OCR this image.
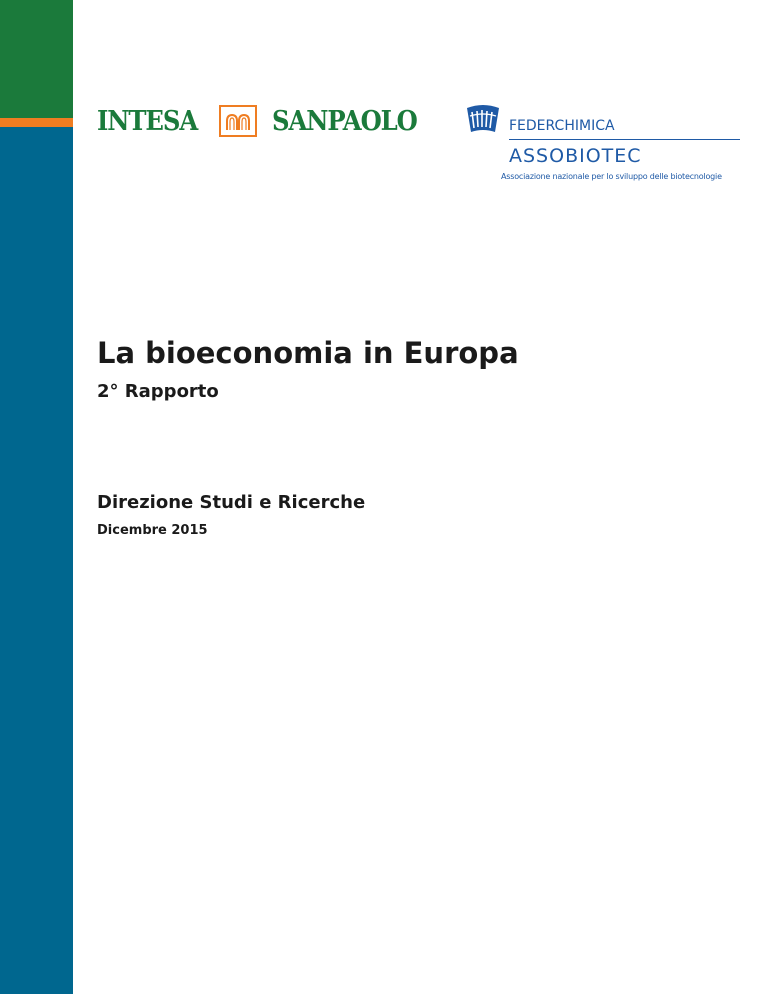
INTESA	SANPAOLO	FEDERCHIMICA
ASSOBIOTEC
Associazione nazionale per lo sviluppo delle biotecnologie
La bioeconomia in Europa
2° Rapporto
Direzione Studi e Ricerche
Dicembre 2015
